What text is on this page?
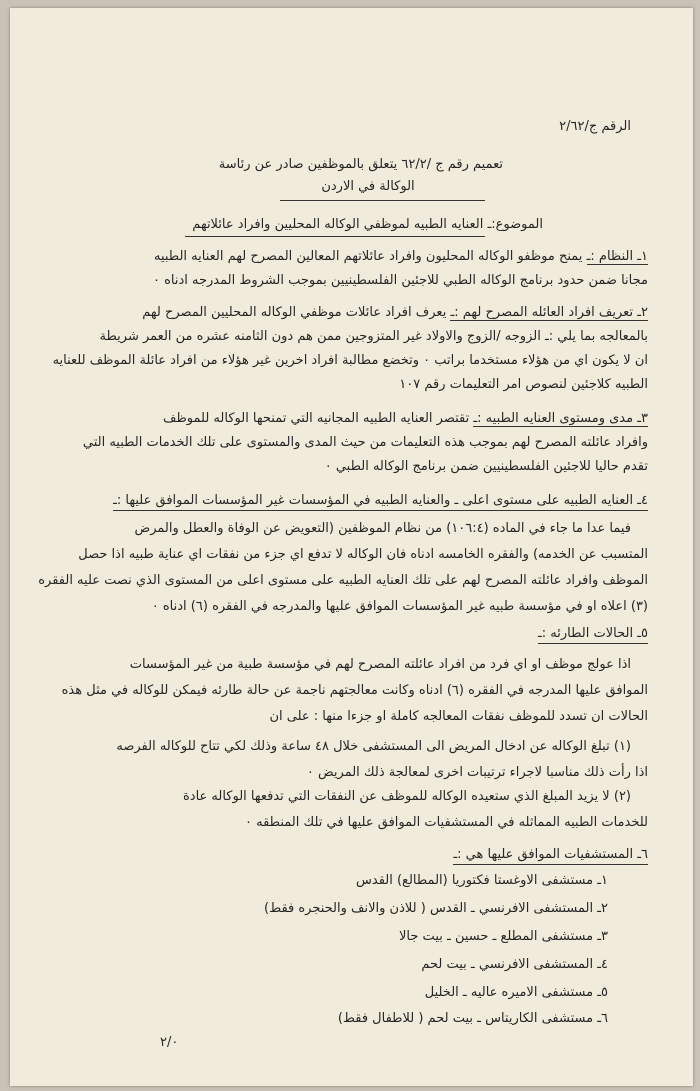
الرقم ج/٢/٦٢
تعميم رقم ج /٦٢/٢ يتعلق بالموظفين صادر عن رئاسة
الوكالة في الاردن
الموضوع:ـ العنايه الطبيه لموظفي الوكاله المحليين وافراد عائلاتهم
١ـ النظام :ـ يمنح موظفو الوكاله المحليون وافراد عائلاتهم المعالين المصرح لهم العنايه الطبيه
مجانا ضمن حدود برنامج الوكاله الطبي للاجئين الفلسطينيين بموجب الشروط المدرجه ادناه ٠
٢ـ تعريف افراد العائله المصرح لهم :ـ يعرف افراد عائلات موظفي الوكاله المحليين المصرح لهم
بالمعالجه بما يلي :ـ الزوجه /الزوج والاولاد غير المتزوجين ممن هم دون الثامنه عشره من العمر شريطة
ان لا يكون اي من هؤلاء مستخدما براتب ٠ وتخضع مطالبة افراد اخرين غير هؤلاء من افراد عائلة الموظف للعنايه
الطبيه كلاجئين لنصوص امر التعليمات رقم ١٠٧
٣ـ مدى ومستوى العنايه الطبيه :ـ تقتصر العنايه الطبيه المجانيه التي تمنحها الوكاله للموظف
وافراد عائلته المصرح لهم بموجب هذه التعليمات من حيث المدى والمستوى على تلك الخدمات الطبيه التي
تقدم حاليا للاجئين الفلسطينيين ضمن برنامج الوكاله الطبي ٠
٤ـ العنايه الطبيه على مستوى اعلى ـ والعنايه الطبيه في المؤسسات غير المؤسسات الموافق عليها :ـ
فيما عدا ما جاء في الماده (١٠٦:٤) من نظام الموظفين (التعويض عن الوفاة والعطل والمرض
المتسبب عن الخدمه) والفقره الخامسه ادناه فان الوكاله لا تدفع اي جزء من نفقات اي عناية طبيه اذا حصل
الموظف وافراد عائلته المصرح لهم على تلك العنايه الطبيه على مستوى اعلى من المستوى الذي نصت عليه الفقره
(٣) اعلاه او في مؤسسة طبيه غير المؤسسات الموافق عليها والمدرجه في الفقره (٦) ادناه ٠
٥ـ الحالات الطارئه :ـ
اذا عولج موظف او اي فرد من افراد عائلته المصرح لهم في مؤسسة طبية من غير المؤسسات
الموافق عليها المدرجه في الفقره (٦) ادناه وكانت معالجتهم ناجمة عن حالة طارئه فيمكن للوكاله في مثل هذه
الحالات ان تسدد للموظف نفقات المعالجه كاملة او جزءا منها : على ان
(١) تبلغ الوكاله عن ادخال المريض الى المستشفى خلال ٤٨ ساعة وذلك لكي تتاح للوكاله الفرصه
اذا رأت ذلك مناسبا لاجراء ترتيبات اخرى لمعالجة ذلك المريض ٠
(٢) لا يزيد المبلغ الذي ستعيده الوكاله للموظف عن النفقات التي تدفعها الوكاله عادة
للخدمات الطبيه المماثله في المستشفيات الموافق عليها في تلك المنطقه ٠
٦ـ المستشفيات الموافق عليها هي :ـ
١ـ مستشفى الاوغستا فكتوريا (المطالع) القدس
٢ـ المستشفى الافرنسي ـ القدس ( للاذن والانف والحنجره فقط)
٣ـ مستشفى المطلع ـ حسين ـ بيت جالا
٤ـ المستشفى الافرنسي ـ بيت لحم
٥ـ مستشفى الاميره عاليه ـ الخليل
٦ـ مستشفى الكاريتاس ـ بيت لحم ( للاطفال فقط)
٢/٠
